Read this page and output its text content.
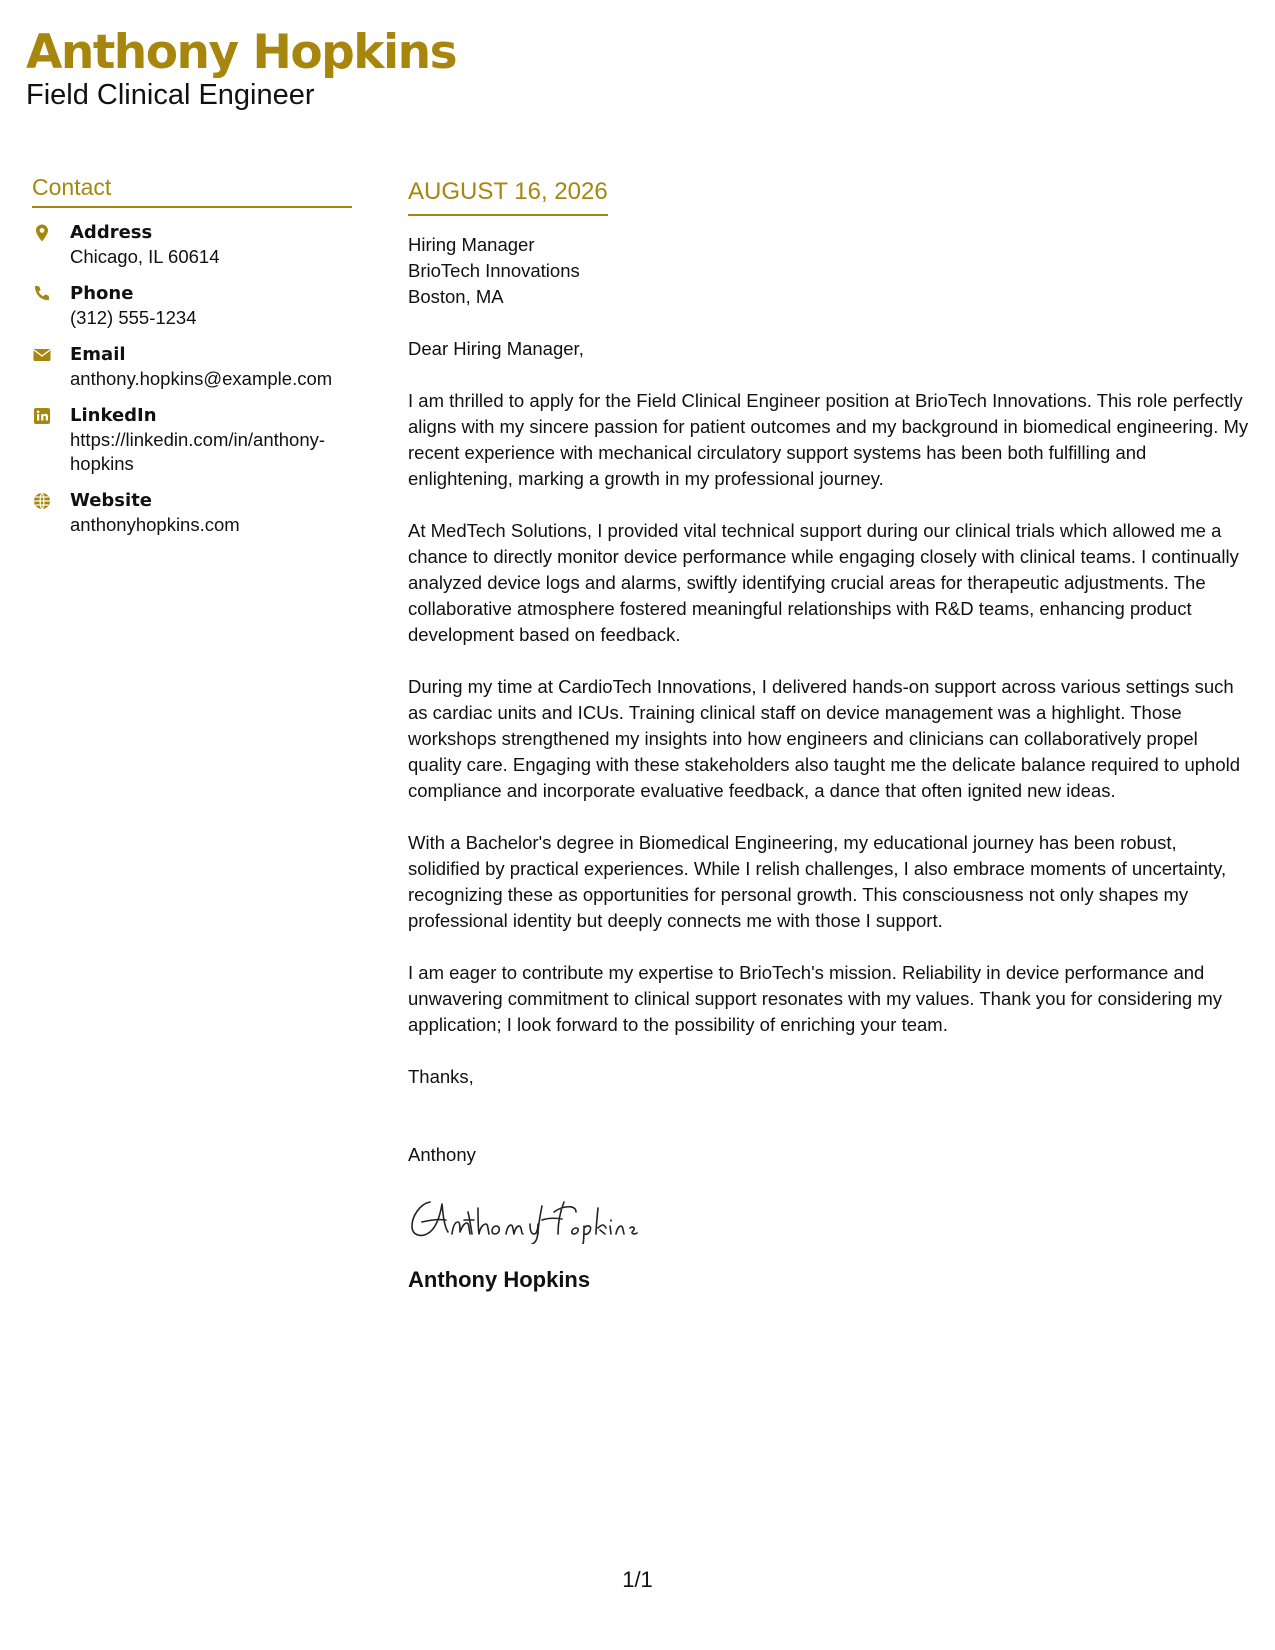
Anthony Hopkins
Field Clinical Engineer
Contact
Address
Chicago, IL 60614
Phone
(312) 555-1234
Email
anthony.hopkins@example.com
LinkedIn
https://linkedin.com/in/anthony-hopkins
Website
anthonyhopkins.com
AUGUST 16, 2026
Hiring Manager
BrioTech Innovations
Boston, MA
Dear Hiring Manager,
I am thrilled to apply for the Field Clinical Engineer position at BrioTech Innovations. This role perfectly aligns with my sincere passion for patient outcomes and my background in biomedical engineering. My recent experience with mechanical circulatory support systems has been both fulfilling and enlightening, marking a growth in my professional journey.
At MedTech Solutions, I provided vital technical support during our clinical trials which allowed me a chance to directly monitor device performance while engaging closely with clinical teams. I continually analyzed device logs and alarms, swiftly identifying crucial areas for therapeutic adjustments. The collaborative atmosphere fostered meaningful relationships with R&D teams, enhancing product development based on feedback.
During my time at CardioTech Innovations, I delivered hands-on support across various settings such as cardiac units and ICUs. Training clinical staff on device management was a highlight. Those workshops strengthened my insights into how engineers and clinicians can collaboratively propel quality care. Engaging with these stakeholders also taught me the delicate balance required to uphold compliance and incorporate evaluative feedback, a dance that often ignited new ideas.
With a Bachelor's degree in Biomedical Engineering, my educational journey has been robust, solidified by practical experiences. While I relish challenges, I also embrace moments of uncertainty, recognizing these as opportunities for personal growth. This consciousness not only shapes my professional identity but deeply connects me with those I support.
I am eager to contribute my expertise to BrioTech's mission. Reliability in device performance and unwavering commitment to clinical support resonates with my values. Thank you for considering my application; I look forward to the possibility of enriching your team.
Thanks,
Anthony
Anthony Hopkins
1/1
